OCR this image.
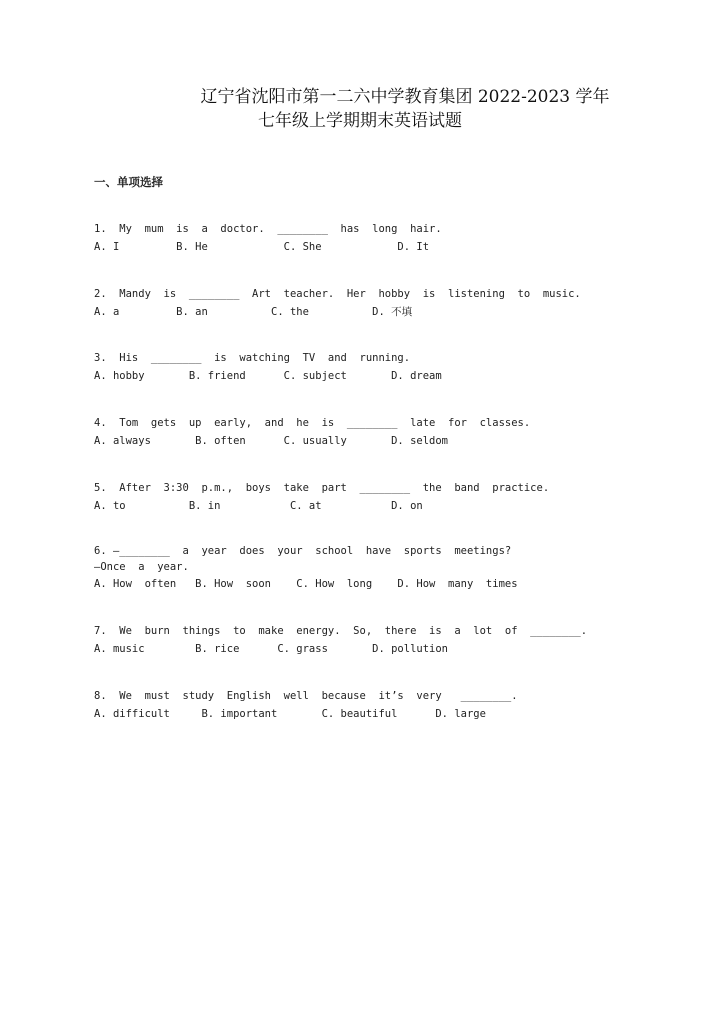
辽宁省沈阳市第一二六中学教育集团 2022-2023 学年
七年级上学期期末英语试题
一、单项选择

1.  My  mum  is  a  doctor.  ________  has  long  hair.

A. I         B. He            C. She            D. It

2.  Mandy  is  ________  Art  teacher.  Her  hobby  is  listening  to  music.

A. a         B. an          C. the          D. 不填

3.  His  ________  is  watching  TV  and  running.

A. hobby       B. friend      C. subject       D. dream

4.  Tom  gets  up  early,  and  he  is  ________  late  for  classes.

A. always       B. often      C. usually       D. seldom

5.  After  3:30  p.m.,  boys  take  part  ________  the  band  practice.

A. to          B. in           C. at           D. on

6. —________  a  year  does  your  school  have  sports  meetings?

—Once  a  year.

A. How  often   B. How  soon    C. How  long    D. How  many  times

7.  We  burn  things  to  make  energy.  So,  there  is  a  lot  of  ________.

A. music        B. rice      C. grass       D. pollution

8.  We  must  study  English  well  because  it’s  very   ________.

A. difficult     B. important       C. beautiful      D. large
